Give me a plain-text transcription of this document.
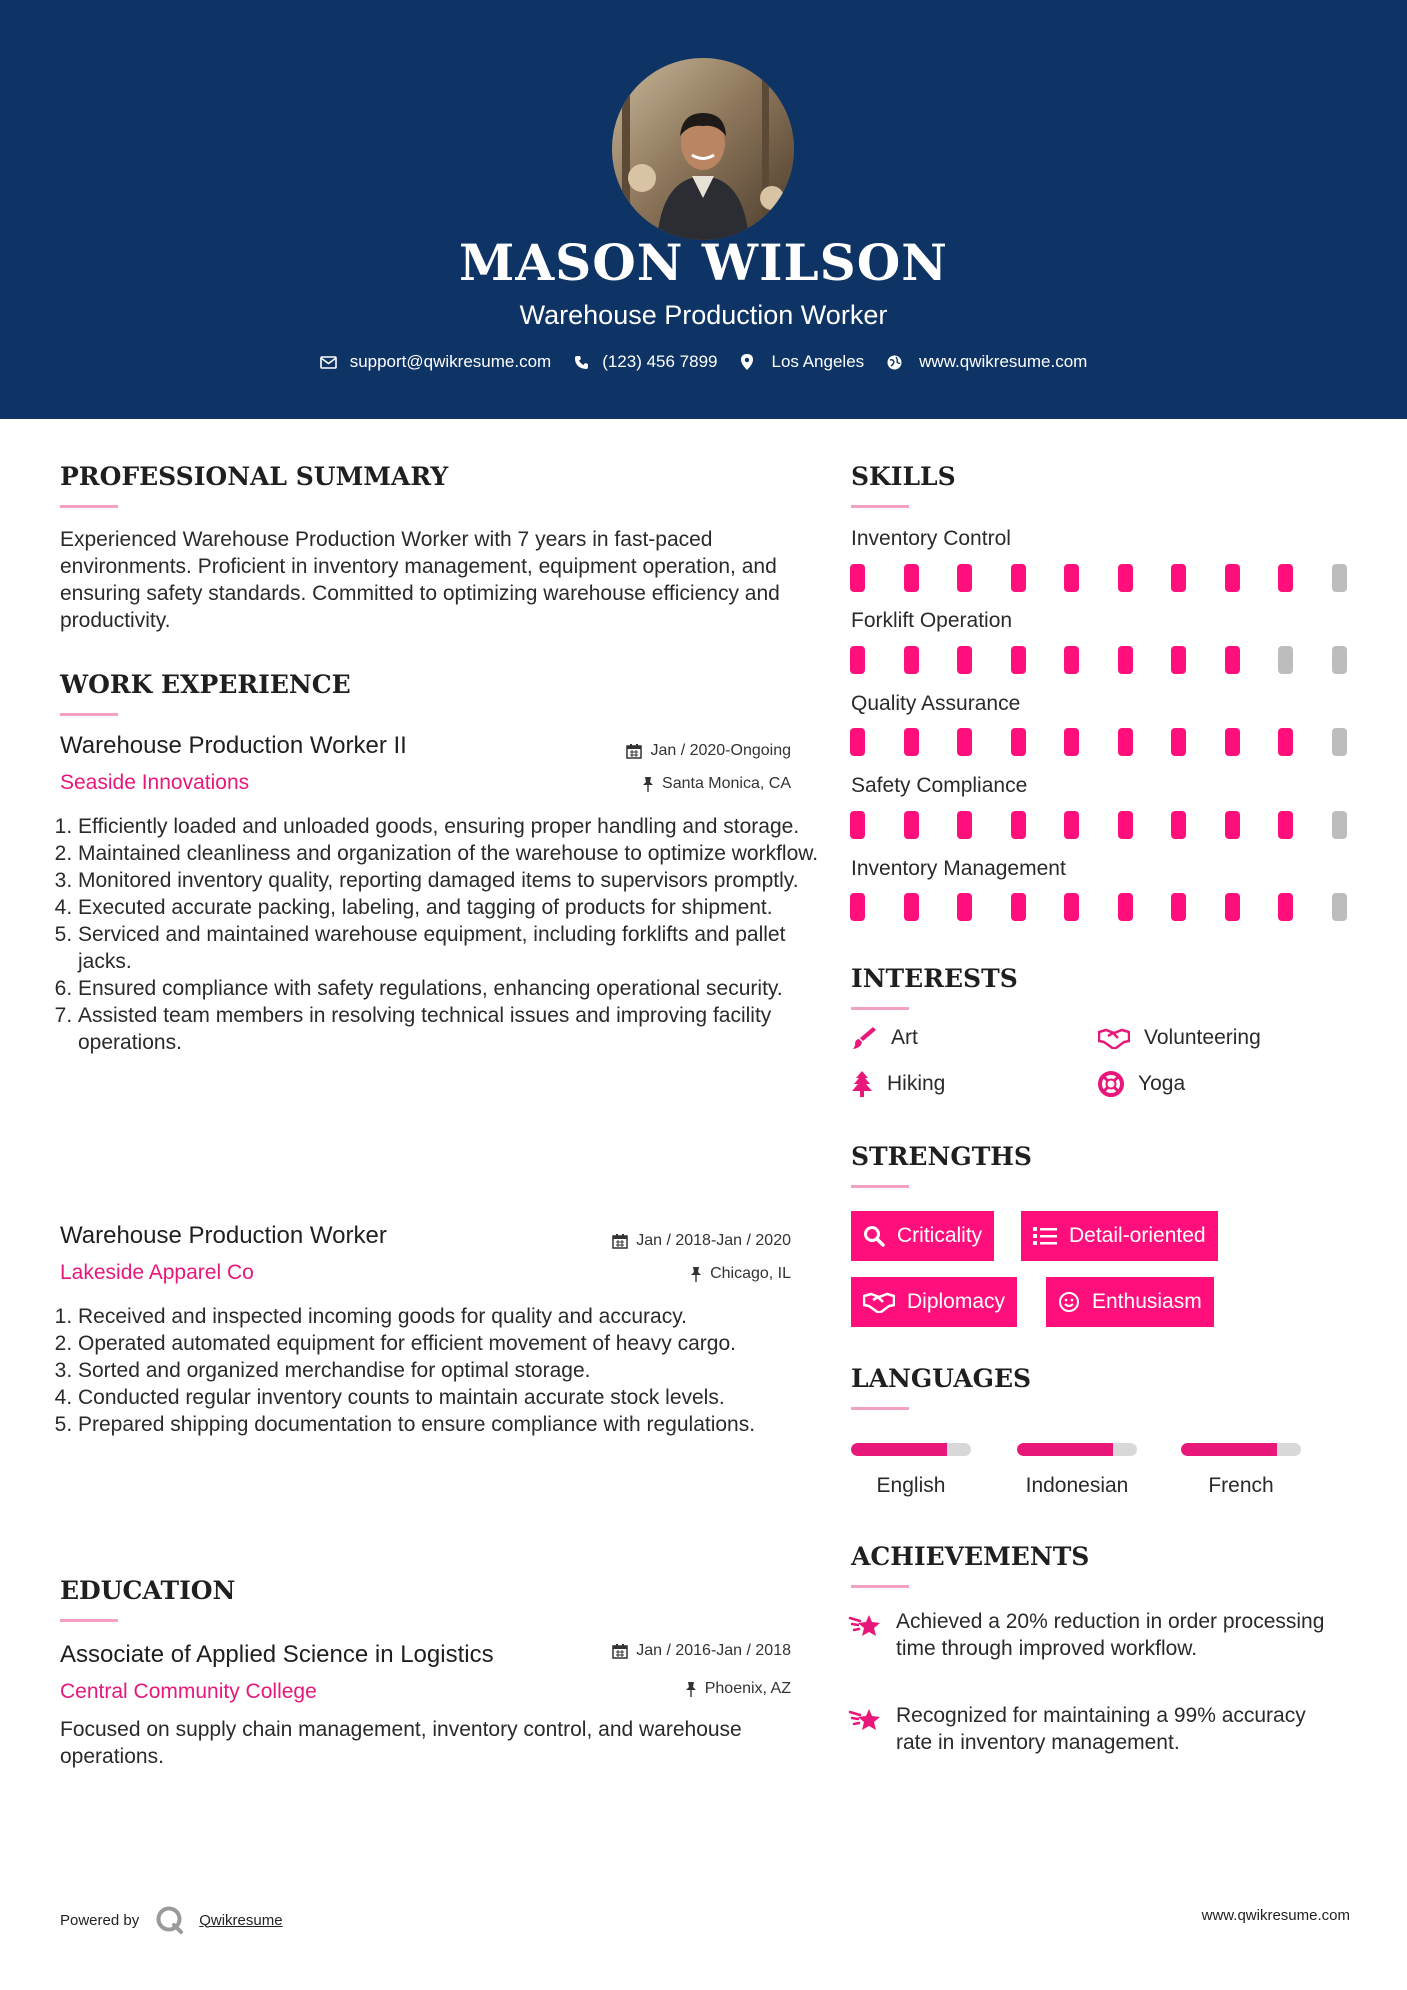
MASON WILSON
Warehouse Production Worker
support@qwikresume.com	(123) 456 7899	Los Angeles	www.qwikresume.com
PROFESSIONAL SUMMARY
Experienced Warehouse Production Worker with 7 years in fast-paced environments. Proficient in inventory management, equipment operation, and ensuring safety standards. Committed to optimizing warehouse efficiency and productivity.
WORK EXPERIENCE
Warehouse Production Worker II
Seaside Innovations
Jan / 2020-Ongoing
Santa Monica, CA
1. Efficiently loaded and unloaded goods, ensuring proper handling and storage.
2. Maintained cleanliness and organization of the warehouse to optimize workflow.
3. Monitored inventory quality, reporting damaged items to supervisors promptly.
4. Executed accurate packing, labeling, and tagging of products for shipment.
5. Serviced and maintained warehouse equipment, including forklifts and pallet jacks.
6. Ensured compliance with safety regulations, enhancing operational security.
7. Assisted team members in resolving technical issues and improving facility operations.
Warehouse Production Worker
Lakeside Apparel Co
Jan / 2018-Jan / 2020
Chicago, IL
1. Received and inspected incoming goods for quality and accuracy.
2. Operated automated equipment for efficient movement of heavy cargo.
3. Sorted and organized merchandise for optimal storage.
4. Conducted regular inventory counts to maintain accurate stock levels.
5. Prepared shipping documentation to ensure compliance with regulations.
EDUCATION
Associate of Applied Science in Logistics
Central Community College
Jan / 2016-Jan / 2018
Phoenix, AZ
Focused on supply chain management, inventory control, and warehouse operations.
SKILLS
Inventory Control
Forklift Operation
Quality Assurance
Safety Compliance
Inventory Management
INTERESTS
Art	Volunteering
Hiking	Yoga
STRENGTHS
Criticality	Detail-oriented
Diplomacy	Enthusiasm
LANGUAGES
English	Indonesian	French
ACHIEVEMENTS
Achieved a 20% reduction in order processing time through improved workflow.
Recognized for maintaining a 99% accuracy rate in inventory management.
Powered by	Qwikresume	www.qwikresume.com
